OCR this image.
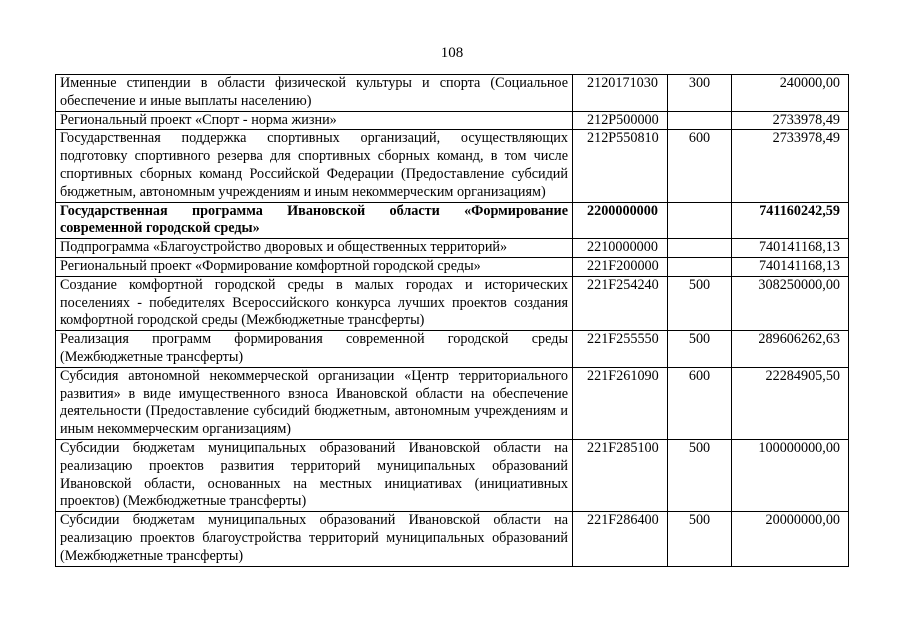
108
Именные стипендии в области физической культуры и спорта (Социальное обеспечение и иные выплаты населению)	2120171030	300	240000,00
Региональный проект «Спорт - норма жизни»	212P500000		2733978,49
Государственная поддержка спортивных организаций, осуществляющих подготовку спортивного резерва для спортивных сборных команд, в том числе спортивных сборных команд Российской Федерации (Предоставление субсидий бюджетным, автономным учреждениям и иным некоммерческим организациям)	212P550810	600	2733978,49
Государственная программа Ивановской области «Формирование современной городской среды»	2200000000		741160242,59
Подпрограмма «Благоустройство дворовых и общественных территорий»	2210000000		740141168,13
Региональный проект «Формирование комфортной городской среды»	221F200000		740141168,13
Создание комфортной городской среды в малых городах и исторических поселениях - победителях Всероссийского конкурса лучших проектов создания комфортной городской среды (Межбюджетные трансферты)	221F254240	500	308250000,00
Реализация программ формирования современной городской среды (Межбюджетные трансферты)	221F255550	500	289606262,63
Субсидия автономной некоммерческой организации «Центр территориального развития» в виде имущественного взноса Ивановской области на обеспечение деятельности (Предоставление субсидий бюджетным, автономным учреждениям и иным некоммерческим организациям)	221F261090	600	22284905,50
Субсидии бюджетам муниципальных образований Ивановской области на реализацию проектов развития территорий муниципальных образований Ивановской области, основанных на местных инициативах (инициативных проектов) (Межбюджетные трансферты)	221F285100	500	100000000,00
Субсидии бюджетам муниципальных образований Ивановской области на реализацию проектов благоустройства территорий муниципальных образований (Межбюджетные трансферты)	221F286400	500	20000000,00
